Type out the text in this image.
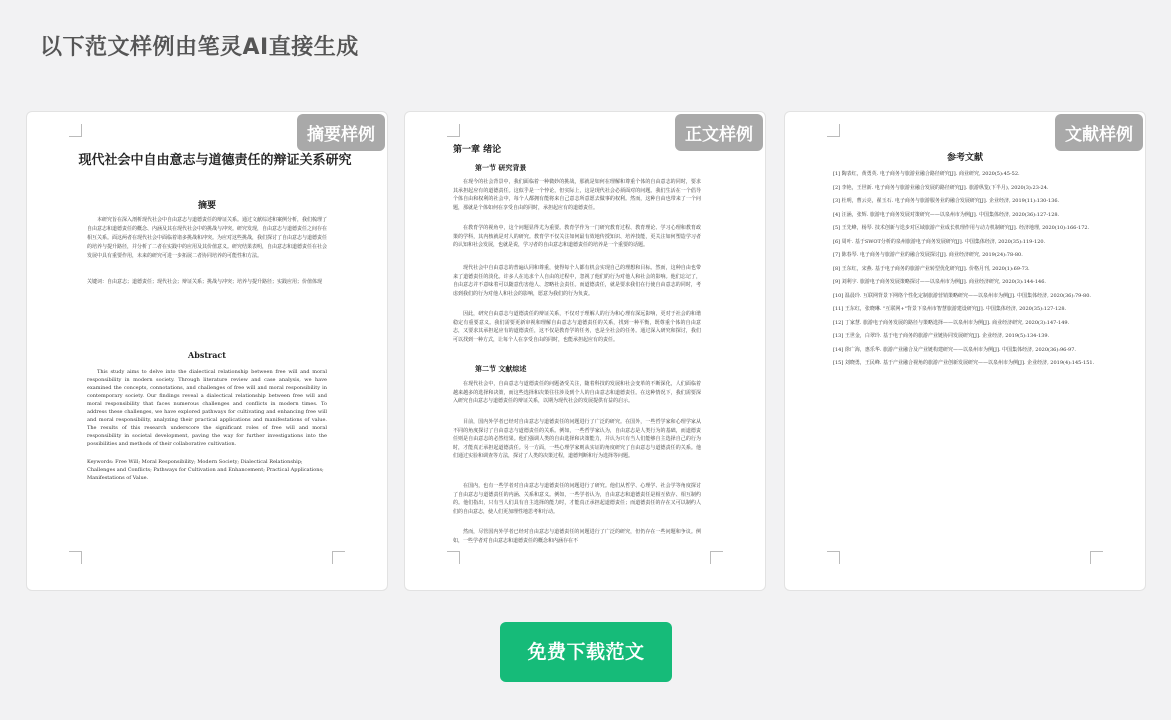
以下范文样例由笔灵AI直接生成
现代社会中自由意志与道德责任的辩证关系研究
摘要
本研究旨在深入剖析现代社会中自由意志与道德责任的辩证关系。通过文献综述和案例分析，我们梳理了自由意志和道德责任的概念、内涵及其在现代社会中的挑战与冲突。研究发现，自由意志与道德责任之间存在相互关系。面这两者在现代社会中面临着诸多挑战和冲突。为应对这些挑战，我们探讨了自由意志与道德责任的培养与提升路径，并分析了二者在实践中的应用及其价值意义。研究结果表明，自由意志和道德责任在社会发展中具有重要作用，未来的研究可进一步拓展二者协同培养的可能性和方法。
关键词：自由意志；道德责任；现代社会；辩证关系；挑战与冲突；培养与提升路径；实践应用；价值体现
Abstract
This study aims to delve into the dialectical relationship between free will and moral responsibility in modern society. Through literature review and case analysis, we have examined the concepts, connotations, and challenges of free will and moral responsibility in contemporary society. Our findings reveal a dialectical relationship between free will and moral responsibility that faces numerous challenges and conflicts in modern times. To address these challenges, we have explored pathways for cultivating and enhancing free will and moral responsibility, analyzing their practical applications and manifestations of value. The results of this research underscore the significant roles of free will and moral responsibility in societal development, paving the way for further investigations into the possibilities and methods of their collaborative cultivation.
Keywords: Free Will; Moral Responsibility; Modern Society; Dialectical Relationship; Challenges and Conflicts; Pathways for Cultivation and Enhancement; Practical Applications; Manifestations of Value.
摘要样例
第一章 绪论
第一节 研究背景
在现今的社会背景中，我们面临着一种微妙的挑战，那就是如何在理解和尊重个体的自由意志的同时，要求其承担起应有的道德责任。这似乎是一个悖论，但实际上，这是现代社会必须面对的问题。我们生活在一个倡导个体自由和权利的社会中，每个人都拥有能将来自己意志所意愿去做事的权利。然而，这种自由也带来了一个问题，那就是个体如何在享受自由的同时，承担起应有的道德责任。
在教育学的视角中，这个问题显得尤为重要。教育学作为一门研究教育过程、教育理论、学习心理和教育政策的学科，其内核就是对人的研究。教育学不仅关注如何最有效地传授知识、培养技能，更关注如何塑造学习者的认知和社会发展，也就是说，学习者的自由意志和道德责任的培养是一个重要的话题。
现代社会中自由意志的普遍认同和尊重，使得每个人都有机会实现自己的理想和目标。然而，这种自由也带来了道德责任的淡化。许多人在追求个人自由的过程中，忽视了他们的行为对他人和社会的影响。他们忘记了，自由意志并不意味着可以随意伤害他人、忽略社会责任。而道德责任，就是要求我们在行使自由意志的同时，考虑到我们的行为对他人和社会的影响，愿意为我们的行为负责。
因此，研究自由意志与道德责任的辩证关系，不仅对于理解人的行为和心理有深远影响，更对于社会的和谐稳定有重要意义。我们需要更新审视和理解自由意志与道德责任的关系，找到一种平衡，既尊重个体的自由意志，又要求其承担起应有的道德责任，这不仅是教育学的任务，也是全社会的任务。通过深入研究和探讨，我们可以找到一种方式，让每个人在享受自由的同时，也能承担起应有的责任。
第二节 文献综述
在现代社会中，自由意志与道德责任的问题备受关注，随着科技的发展和社会变革的不断深化，人们面临着越来越多的选择和决策，而这些选择和决策往往涉及到个人的自由意志和道德责任。在这种情况下，我们需要深入研究自由意志与道德责任的辩证关系，以期为现代社会的发展提供有益的启示。
目前，国内外学者已经对自由意志与道德责任的问题进行了广泛的研究。在国外，一些哲学家和心理学家从不同的角度探讨了自由意志与道德责任的关系。例如，一些哲学家认为，自由意志是人类行为的基础，而道德责任则是自由意志的必然结果。他们强调人类的自由选择和决策能力，并认为只有当人们能够自主选择自己的行为时，才能真正承担起道德责任。另一方面，一些心理学家则从实证的角度研究了自由意志与道德责任的关系。他们通过实验和调查等方法，探讨了人类的决策过程，道德判断和行为选择等问题。
在国内，也有一些学者对自由意志与道德责任的问题进行了研究。他们从哲学、心理学、社会学等角度探讨了自由意志与道德责任的内涵、关系和意义。例如，一些学者认为，自由意志和道德责任是相互依存、相互制约的。他们指出，只有当人们具有自主选择的能力时，才能真正承担起道德责任；而道德责任的存在又可以制约人们的自由意志，使人们更加理性地思考和行动。
然而，尽管国内外学者已经对自由意志与道德责任的问题进行了广泛的研究，但仍存在一些问题和争议。例如，一些学者对自由意志和道德责任的概念和内涵存在不
正文样例
参考文献
[1] 陶表红，黄勇英. 电子商务与旅游业融合路径研究[J]. 商业研究, 2020(5):45-52.
[2] 李艳，王世新. 电子商务与旅游业融合发展的路径研究[J]. 旅游纵览(下半月), 2020(3):23-24.
[3] 杜明，曹云亮，翟玉石. 电子商务与旅游服务业的融合发展研究[J]. 企业经济, 2019(11):130-136.
[4] 汪涵，张辉. 旅游电子商务发展对策研究——以泉州市为例[J]. 中国集体经济, 2020(36):127-128.
[5] 王先峰，杨琴. 技术创新与迭步对区域旅游产业成长机理作用与动力机制研究[J]. 经济地理, 2020(10):166-172.
[6] 周叶. 基于SWOT分析的泉州旅游电子商务发展研究[J]. 中国集体经济, 2020(35):119-120.
[7] 陈春琴. 电子商务与旅游产业的融合发展探讨[J]. 商业经济研究, 2019(24):78-80.
[8] 王东红，宋燕. 基于电子商务的旅游产业转型优化研究[J]. 价格月刊, 2020(1):69-73.
[9] 刘利宇. 旅游电子商务发展策略探讨——以泉州市为例[J]. 商业经济研究, 2020(3):144-146.
[10] 温晨玲. 互联网背景下网络个性化定制旅游营销策略研究——以泉州市为例[J]. 中国集体经济, 2020(36):79-80.
[11] 王东红，张晓琳. "互联网+"背景下泉州市智慧旅游建设研究[J]. 中国集体经济, 2020(35):127-128.
[12] 丁家慧. 旅游电子商务发展的路径与策略选择——以泉州市为例[J]. 商业经济研究, 2020(3):147-149.
[13] 王世金，白翠玲. 基于电子商务的旅游产业链协同发展研究[J]. 企业经济, 2019(5):134-139.
[14] 徐广海，惠乐华. 旅游产业融合及产业链构建研究——以泉州市为例[J]. 中国集体经济, 2020(36):96-97.
[15] 刘晓勇，王民峰. 基于产业融合视角的旅游产业创新发展研究——以泉州市为例[J]. 企业经济, 2019(4):145-151.
文献样例
免费下载范文
